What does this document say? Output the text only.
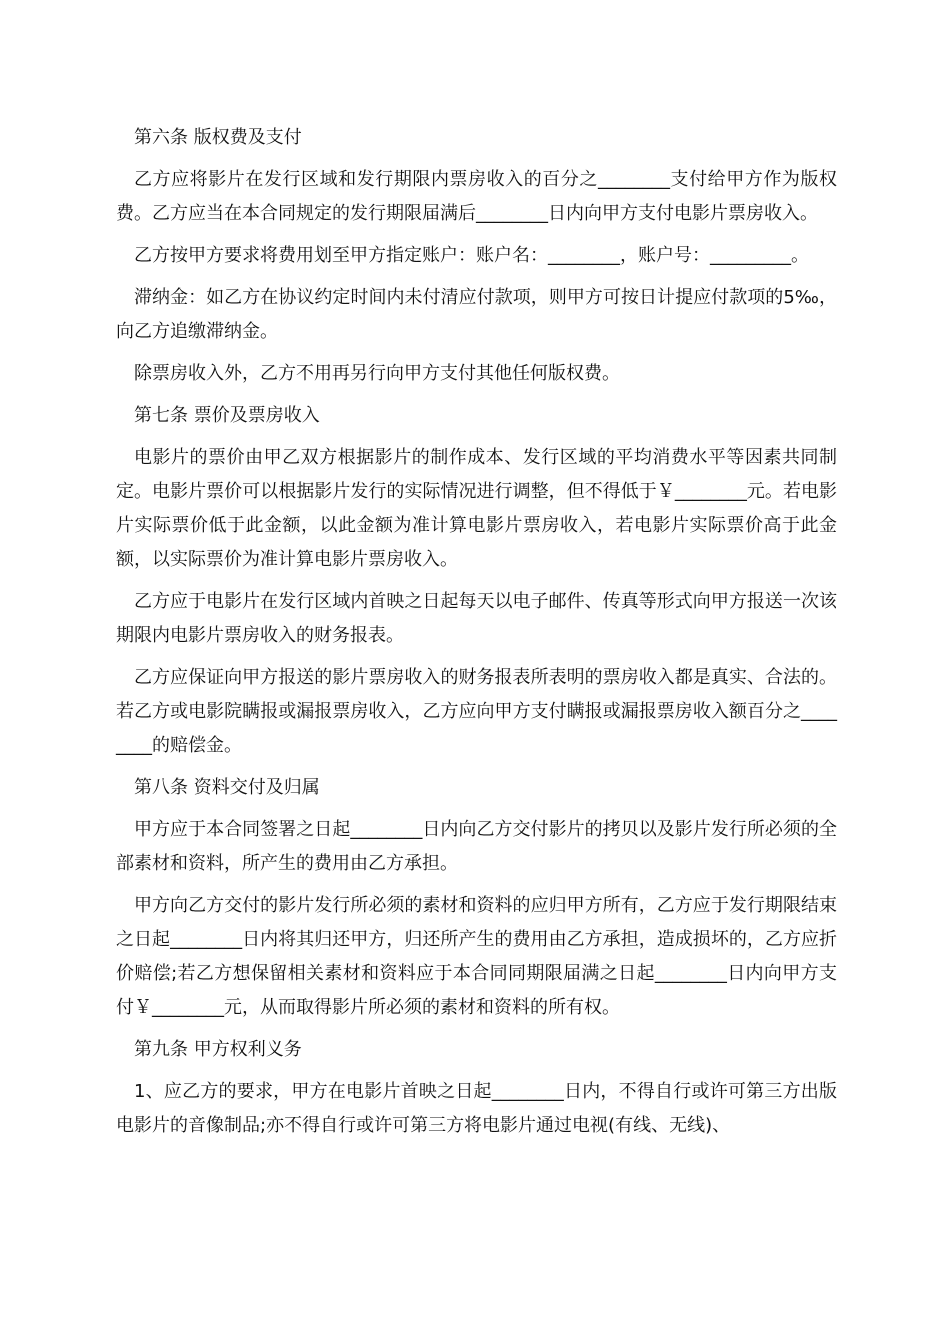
第六条 版权费及支付
乙方应将影片在发行区域和发行期限内票房收入的百分之________支付给甲方作为版权费。乙方应当在本合同规定的发行期限届满后________日内向甲方支付电影片票房收入。
乙方按甲方要求将费用划至甲方指定账户：账户名：________，账户号：_________。
滞纳金：如乙方在协议约定时间内未付清应付款项，则甲方可按日计提应付款项的5‰，向乙方追缴滞纳金。
除票房收入外，乙方不用再另行向甲方支付其他任何版权费。
第七条 票价及票房收入
电影片的票价由甲乙双方根据影片的制作成本、发行区域的平均消费水平等因素共同制定。电影片票价可以根据影片发行的实际情况进行调整，但不得低于￥________元。若电影片实际票价低于此金额，以此金额为准计算电影片票房收入，若电影片实际票价高于此金额，以实际票价为准计算电影片票房收入。
乙方应于电影片在发行区域内首映之日起每天以电子邮件、传真等形式向甲方报送一次该期限内电影片票房收入的财务报表。
乙方应保证向甲方报送的影片票房收入的财务报表所表明的票房收入都是真实、合法的。若乙方或电影院瞒报或漏报票房收入，乙方应向甲方支付瞒报或漏报票房收入额百分之________的赔偿金。
第八条 资料交付及归属
甲方应于本合同签署之日起________日内向乙方交付影片的拷贝以及影片发行所必须的全部素材和资料，所产生的费用由乙方承担。
甲方向乙方交付的影片发行所必须的素材和资料的应归甲方所有，乙方应于发行期限结束之日起________日内将其归还甲方，归还所产生的费用由乙方承担，造成损坏的，乙方应折价赔偿;若乙方想保留相关素材和资料应于本合同同期限届满之日起________日内向甲方支付￥________元，从而取得影片所必须的素材和资料的所有权。
第九条 甲方权利义务
1、应乙方的要求，甲方在电影片首映之日起________日内，不得自行或许可第三方出版电影片的音像制品;亦不得自行或许可第三方将电影片通过电视(有线、无线)、
